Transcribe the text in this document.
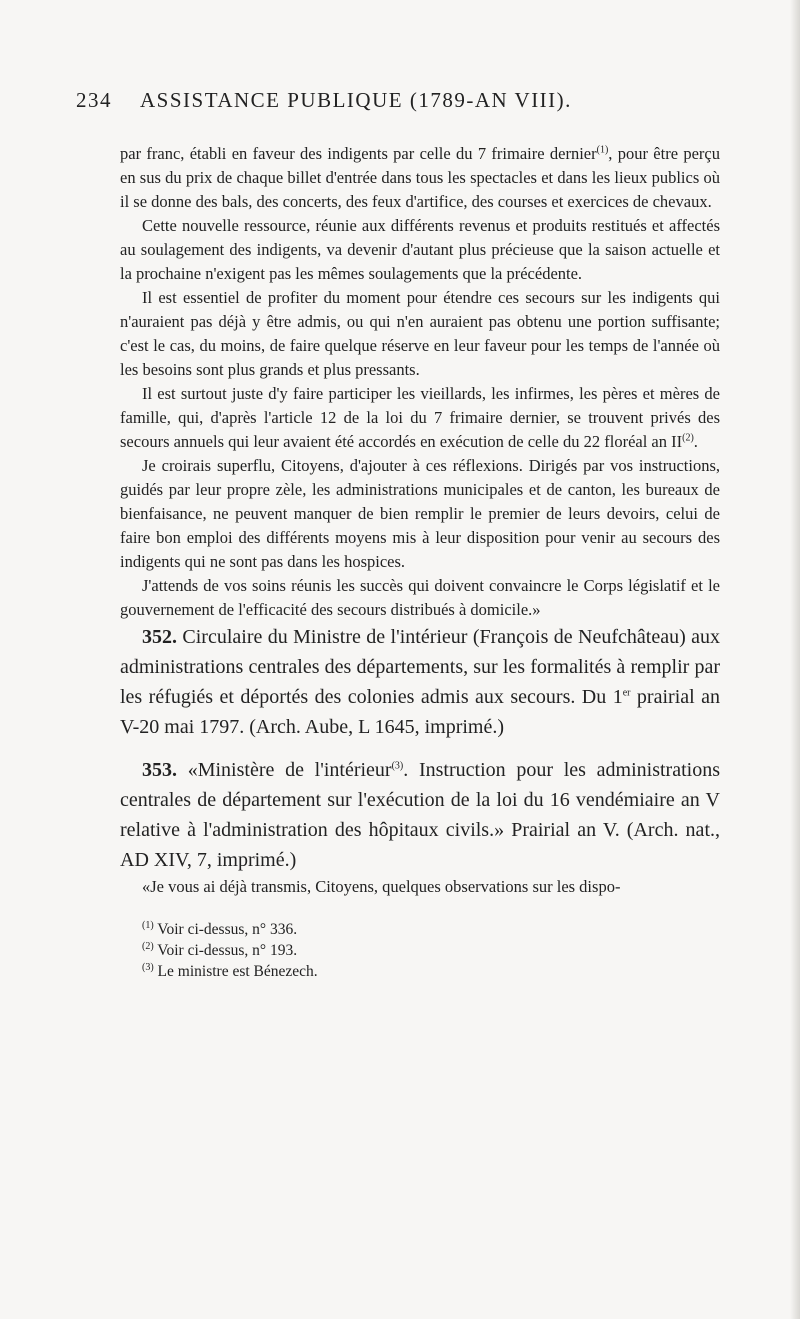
234 ASSISTANCE PUBLIQUE (1789-AN VIII).

par franc, établi en faveur des indigents par celle du 7 frimaire dernier$^{(1)}$, pour être perçu en sus du prix de chaque billet d'entrée dans tous les spectacles et dans les lieux publics où il se donne des bals, des concerts, des feux d'artifice, des courses et exercices de chevaux.

Cette nouvelle ressource, réunie aux différents revenus et produits restitués et affectés au soulagement des indigents, va devenir d'autant plus précieuse que la saison actuelle et la prochaine n'exigent pas les mêmes soulagements que la précédente.

Il est essentiel de profiter du moment pour étendre ces secours sur les indigents qui n'auraient pas déjà y être admis, ou qui n'en auraient pas obtenu une portion suffisante; c'est le cas, du moins, de faire quelque réserve en leur faveur pour les temps de l'année où les besoins sont plus grands et plus pressants.

Il est surtout juste d'y faire participer les vieillards, les infirmes, les pères et mères de famille, qui, d'après l'article 12 de la loi du 7 frimaire dernier, se trouvent privés des secours annuels qui leur avaient été accordés en exécution de celle du 22 floréal an II$^{(2)}$.

Je croirais superflu, Citoyens, d'ajouter à ces réflexions. Dirigés par vos instructions, guidés par leur propre zèle, les administrations municipales et de canton, les bureaux de bienfaisance, ne peuvent manquer de bien remplir le premier de leurs devoirs, celui de faire bon emploi des différents moyens mis à leur disposition pour venir au secours des indigents qui ne sont pas dans les hospices.

J'attends de vos soins réunis les succès qui doivent convaincre le Corps législatif et le gouvernement de l'efficacité des secours distribués à domicile.»

352. Circulaire du Ministre de l'intérieur (François de Neufchâteau) aux administrations centrales des départements, sur les formalités à remplir par les réfugiés et déportés des colonies admis aux secours. Du 1er prairial an V-20 mai 1797. (Arch. Aube, L 1645, imprimé.)

353. «Ministère de l'intérieur$^{(3)}$. Instruction pour les administrations centrales de département sur l'exécution de la loi du 16 vendémiaire an V relative à l'administration des hôpitaux civils.» Prairial an V. (Arch. nat., AD XIV, 7, imprimé.)

«Je vous ai déjà transmis, Citoyens, quelques observations sur les dispo-

$^{(1)}$ Voir ci-dessus, n° 336.
$^{(2)}$ Voir ci-dessus, n° 193.
$^{(3)}$ Le ministre est Bénezech.
